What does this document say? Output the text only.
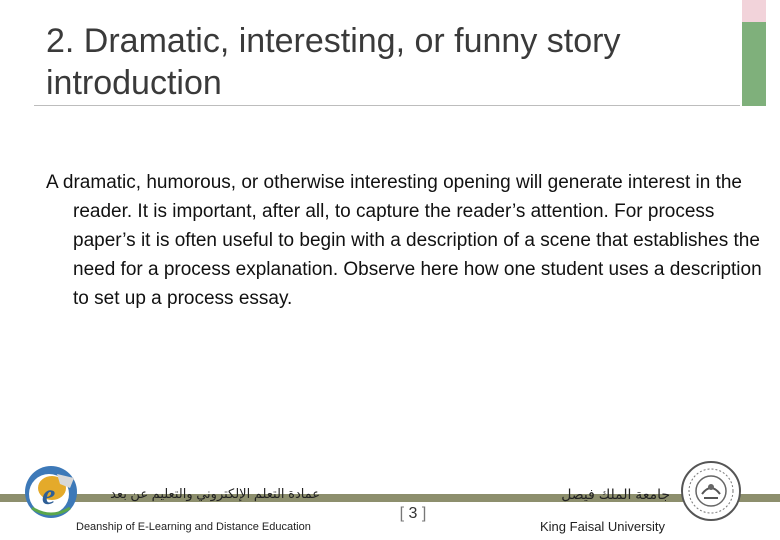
2. Dramatic, interesting, or funny story introduction
A dramatic, humorous, or otherwise interesting opening will generate interest in the reader. It is important, after all, to capture the reader’s attention. For process paper’s it is often useful to begin with a description of a scene that establishes the need for a process explanation. Observe here how one student uses a description to set up a process essay.
e	عمادة التعلم الإلكتروني والتعليم عن بعد
Deanship of E-Learning and Distance Education
[ 3 ]
جامعة الملك فيصل
King Faisal University
